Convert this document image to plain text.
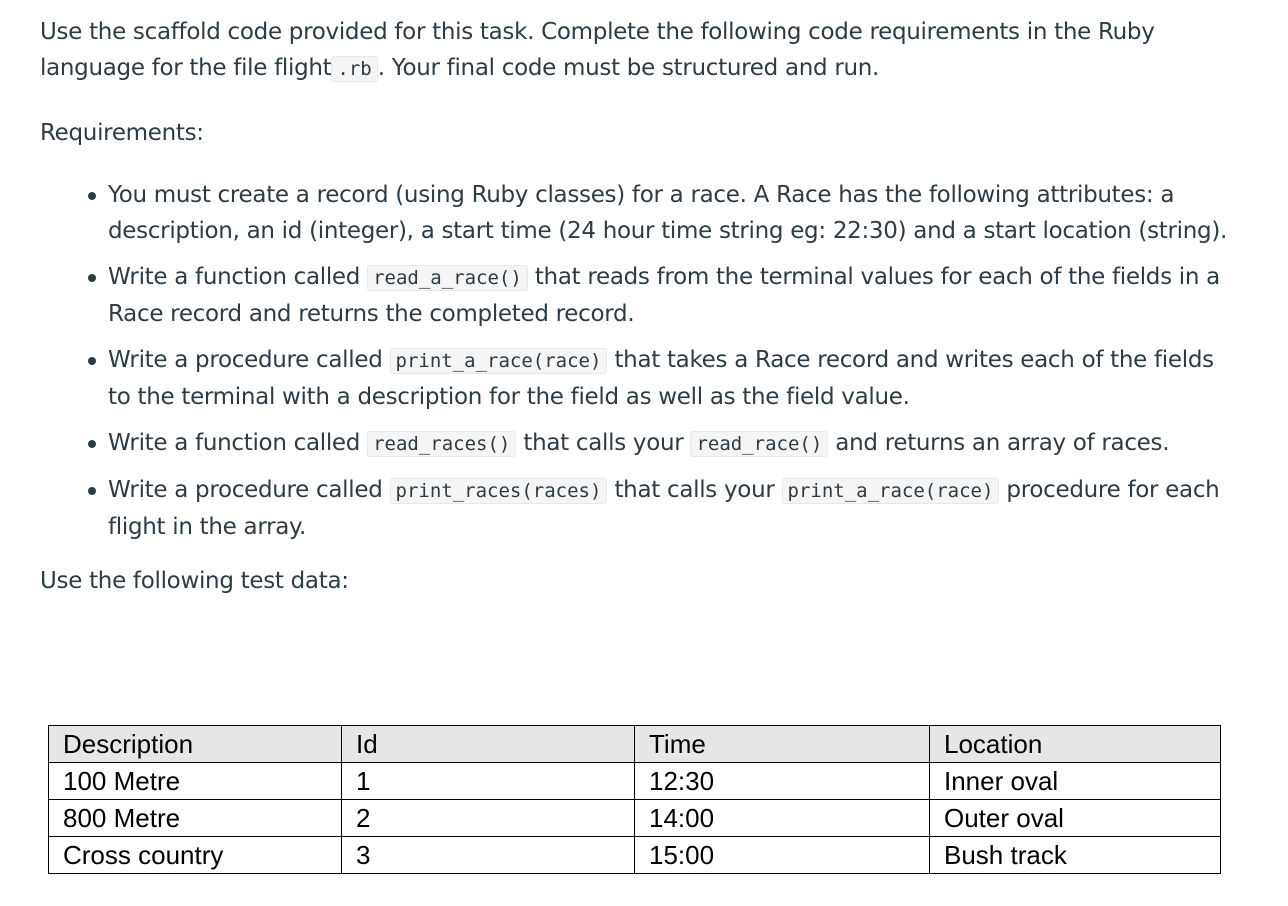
Use the scaffold code provided for this task. Complete the following code requirements in the Ruby language for the file flight .rb . Your final code must be structured and run.

Requirements:

You must create a record (using Ruby classes) for a race. A Race has the following attributes: a description, an id (integer), a start time (24 hour time string eg: 22:30) and a start location (string).
Write a function called read_a_race() that reads from the terminal values for each of the fields in a Race record and returns the completed record.
Write a procedure called print_a_race(race) that takes a Race record and writes each of the fields to the terminal with a description for the field as well as the field value.
Write a function called read_races() that calls your read_race() and returns an array of races.
Write a procedure called print_races(races) that calls your print_a_race(race) procedure for each flight in the array.

Use the following test data:

Description	Id	Time	Location
100 Metre	1	12:30	Inner oval
800 Metre	2	14:00	Outer oval
Cross country	3	15:00	Bush track
